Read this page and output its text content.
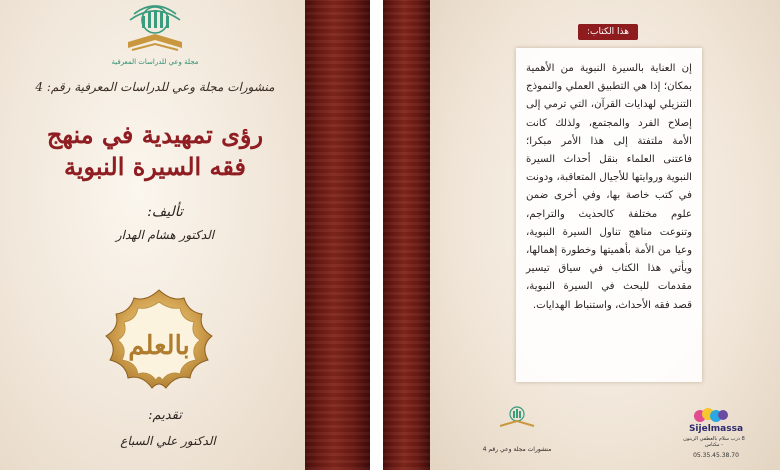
مجلة وعي للدراسات المعرفية
منشورات مجلة وعي للدراسات المعرفية رقم: 4
رؤى تمهيدية في منهج
فقه السيرة النبوية
تأليف:
الدكتور هشام الهدار
بالعلم
تقديم:
الدكتور علي السباع
هذا الكتاب:
إن العناية بالسيرة النبوية من الأهمية بمكان؛ إذا هي التطبيق العملي والنموذج التنزيلي لهدايات القرآن، التي ترمي إلى إصلاح الفرد والمجتمع، ولذلك كانت الأمة ملتفتة إلى هذا الأمر مبكرا؛ فاعتنى العلماء بنقل أحداث السيرة النبوية وروايتها للأجيال المتعاقبة، ودونت في كتب خاصة بها، وفي أخرى ضمن علوم مختلفة كالحديث والتراجم، وتنوعت مناهج تناول السيرة النبوية، وعيا من الأمة بأهميتها وخطورة إهمالها، ويأتي هذا الكتاب في سياق تيسير مقدمات للبحث في السيرة النبوية، قصد فقه الأحداث، واستنباط الهدايات.
منشورات مجلة وعي رقم 4
Sijelmassa
8 درب سلام بالعطفي الزيتون - مكناس
05.35.45.38.70
